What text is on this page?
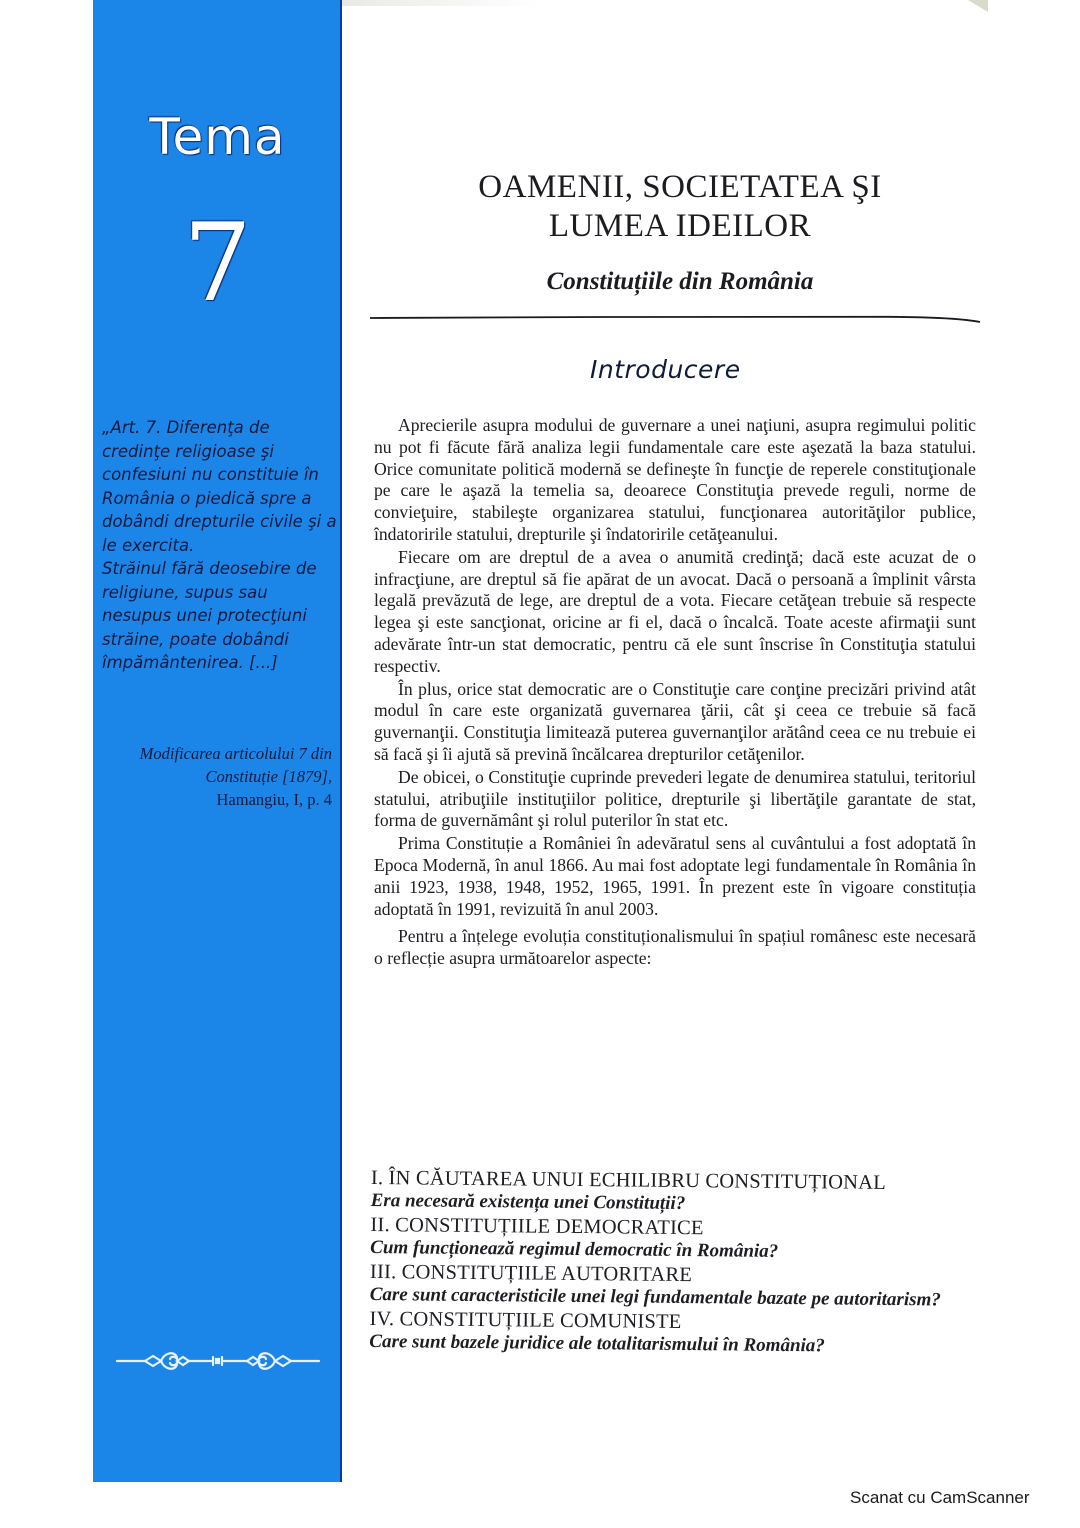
Tema
7

„Art. 7. Diferenţa de credinţe religioase şi confesiuni nu constituie în România o piedică spre a dobândi drepturile civile şi a le exercita.

Străinul fără deosebire de religiune, supus sau nesupus unei protecţiuni străine, poate dobândi împământenirea. [...]

Modificarea articolului 7 din Constituție [1879],
Hamangiu, I, p. 4
OAMENII, SOCIETATEA ŞI
LUMEA IDEILOR
Constituțiile din România
Introducere

Aprecierile asupra modului de guvernare a unei naţiuni, asupra regimului politic nu pot fi făcute fără analiza legii fundamentale care este aşezată la baza statului. Orice comunitate politică modernă se defineşte în funcţie de reperele constituţionale pe care le aşază la temelia sa, deoarece Constituţia prevede reguli, norme de convieţuire, stabileşte organizarea statului, funcţionarea autorităţilor publice, îndatoririle statului, drepturile şi îndatoririle cetăţeanului.

Fiecare om are dreptul de a avea o anumită credinţă; dacă este acuzat de o infracţiune, are dreptul să fie apărat de un avocat. Dacă o persoană a împlinit vârsta legală prevăzută de lege, are dreptul de a vota. Fiecare cetăţean trebuie să respecte legea şi este sancţionat, oricine ar fi el, dacă o încalcă. Toate aceste afirmaţii sunt adevărate într-un stat democratic, pentru că ele sunt înscrise în Constituţia statului respectiv.

În plus, orice stat democratic are o Constituţie care conţine precizări privind atât modul în care este organizată guvernarea ţării, cât şi ceea ce trebuie să facă guvernanţii. Constituţia limitează puterea guvernanţilor arătând ceea ce nu trebuie ei să facă şi îi ajută să prevină încălcarea drepturilor cetăţenilor.

De obicei, o Constituţie cuprinde prevederi legate de denumirea statului, teritoriul statului, atribuţiile instituţiilor politice, drepturile şi libertăţile garantate de stat, forma de guvernământ şi rolul puterilor în stat etc.

Prima Constituție a României în adevăratul sens al cuvântului a fost adoptată în Epoca Modernă, în anul 1866. Au mai fost adoptate legi fundamentale în România în anii 1923, 1938, 1948, 1952, 1965, 1991. În prezent este în vigoare constituția adoptată în 1991, revizuită în anul 2003.

Pentru a înțelege evoluția constituționalismului în spațiul românesc este necesară o reflecție asupra următoarelor aspecte:

I. ÎN CĂUTAREA UNUI ECHILIBRU CONSTITUȚIONAL
Era necesară existența unei Constituții?
II. CONSTITUȚIILE DEMOCRATICE
Cum funcționează regimul democratic în România?
III. CONSTITUȚIILE AUTORITARE
Care sunt caracteristicile unei legi fundamentale bazate pe autoritarism?
IV. CONSTITUȚIILE COMUNISTE
Care sunt bazele juridice ale totalitarismului în România?
Scanat cu CamScanner
